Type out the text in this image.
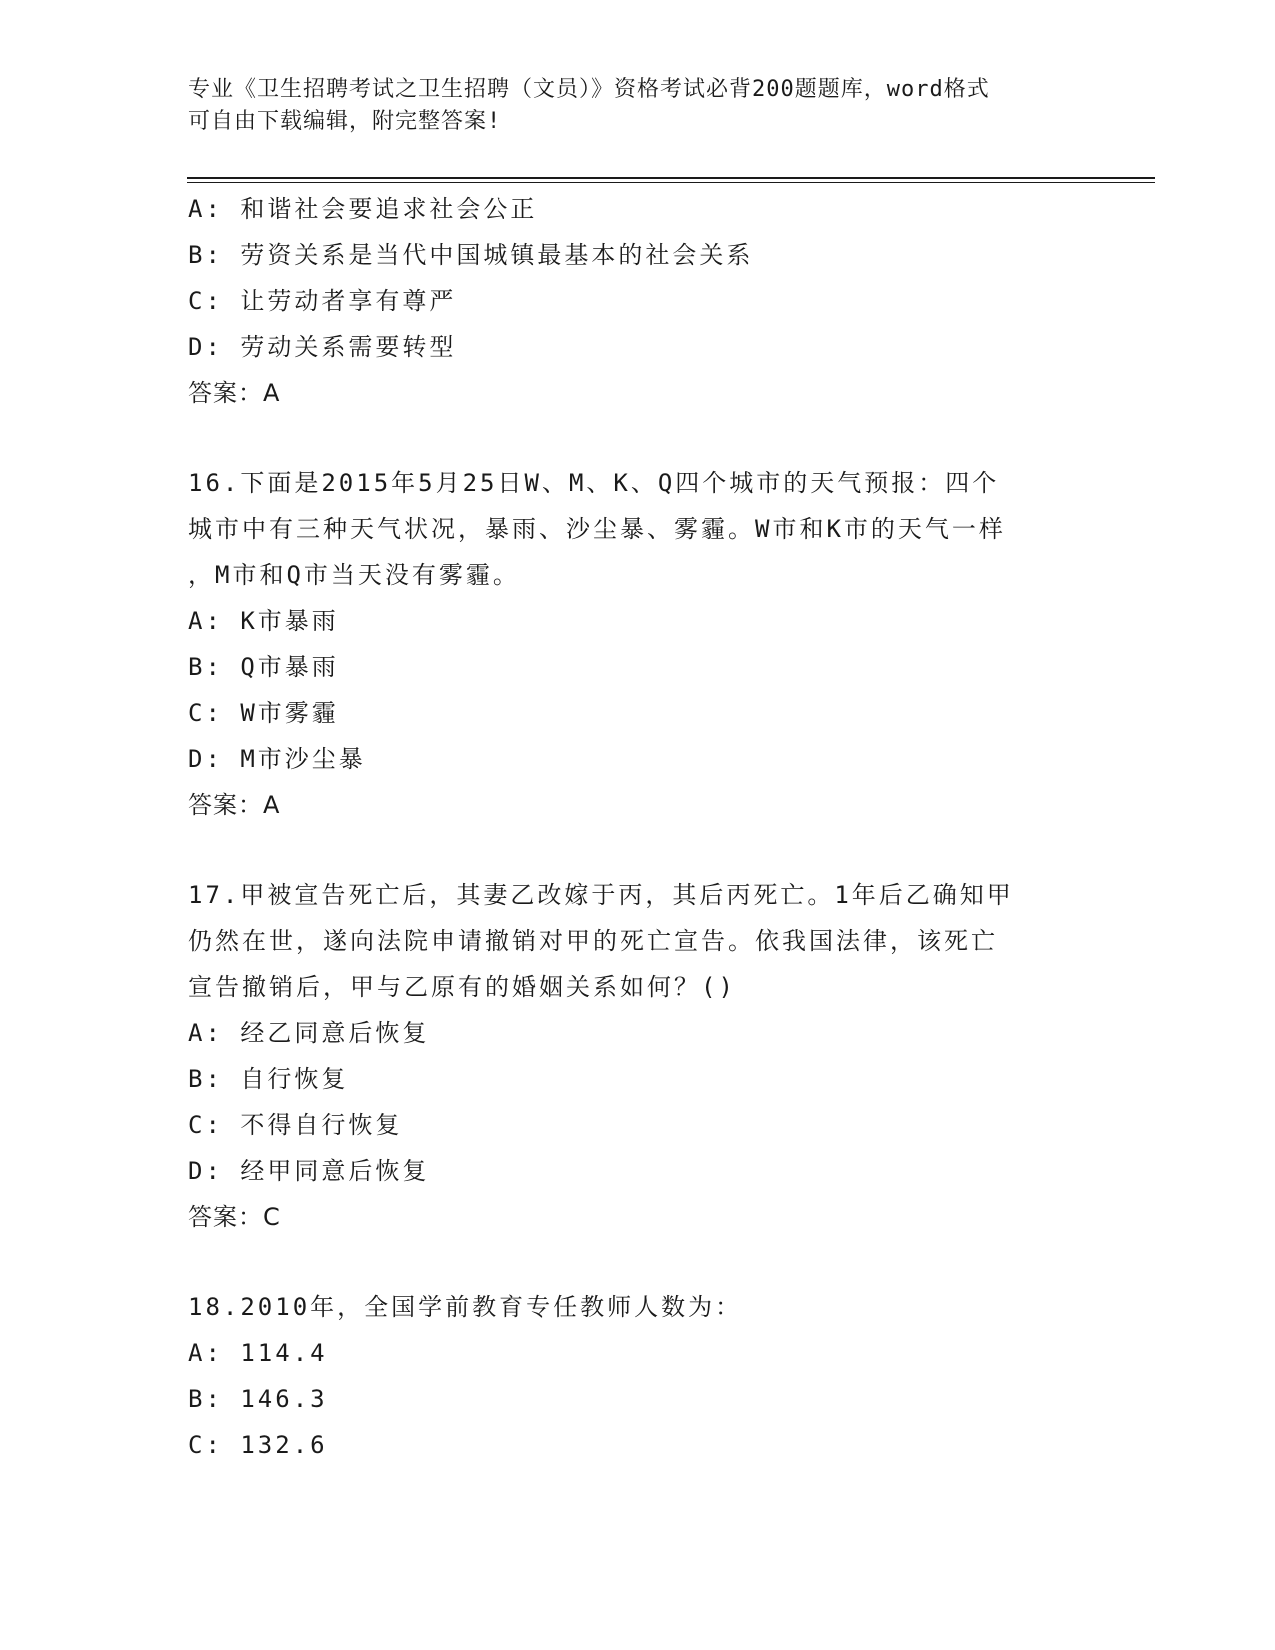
专业《卫生招聘考试之卫生招聘（文员）》资格考试必背200题题库，word格式
可自由下载编辑，附完整答案!
A: 和谐社会要追求社会公正
B: 劳资关系是当代中国城镇最基本的社会关系
C: 让劳动者享有尊严
D: 劳动关系需要转型
答案：A
16.下面是2015年5月25日W、M、K、Q四个城市的天气预报：四个
城市中有三种天气状况，暴雨、沙尘暴、雾霾。W市和K市的天气一样
，M市和Q市当天没有雾霾。
A: K市暴雨
B: Q市暴雨
C: W市雾霾
D: M市沙尘暴
答案：A
17.甲被宣告死亡后，其妻乙改嫁于丙，其后丙死亡。1年后乙确知甲
仍然在世，遂向法院申请撤销对甲的死亡宣告。依我国法律，该死亡
宣告撤销后，甲与乙原有的婚姻关系如何？()
A: 经乙同意后恢复
B: 自行恢复
C: 不得自行恢复
D: 经甲同意后恢复
答案：C
18.2010年，全国学前教育专任教师人数为：
A: 114.4
B: 146.3
C: 132.6
